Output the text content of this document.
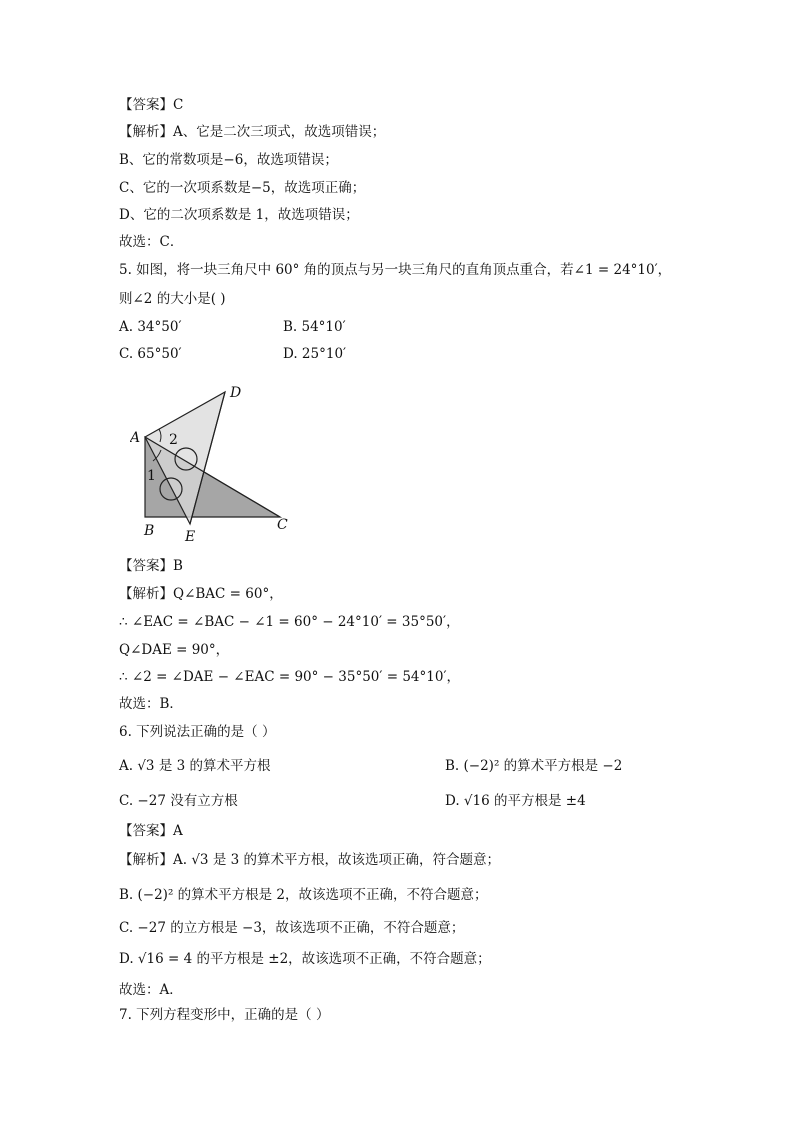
【答案】C
【解析】A、它是二次三项式，故选项错误；
B、它的常数项是−6，故选项错误；
C、它的一次项系数是−5，故选项正确；
D、它的二次项系数是 1，故选项错误；
故选：C．
5. 如图，将一块三角尺中 60° 角的顶点与另一块三角尺的直角顶点重合，若∠1 = 24°10′，
则∠2 的大小是( )
A. 34°50′	B. 54°10′
C. 65°50′	D. 25°10′
A
D
B E
C
2
1
【答案】B
【解析】Q∠BAC = 60°，
∴ ∠EAC = ∠BAC − ∠1 = 60° − 24°10′ = 35°50′，
Q∠DAE = 90°，
∴ ∠2 = ∠DAE − ∠EAC = 90° − 35°50′ = 54°10′，
故选：B．
6. 下列说法正确的是（ ）
A. √3 是 3 的算术平方根	B. (−2)² 的算术平方根是 −2
C. −27 没有立方根	D. √16 的平方根是 ±4
【答案】A
【解析】A. √3 是 3 的算术平方根，故该选项正确，符合题意；
B. (−2)² 的算术平方根是 2，故该选项不正确，不符合题意；
C. −27 的立方根是 −3，故该选项不正确，不符合题意；
D. √16 = 4 的平方根是 ±2，故该选项不正确，不符合题意；
故选：A．
7. 下列方程变形中，正确的是（ ）
